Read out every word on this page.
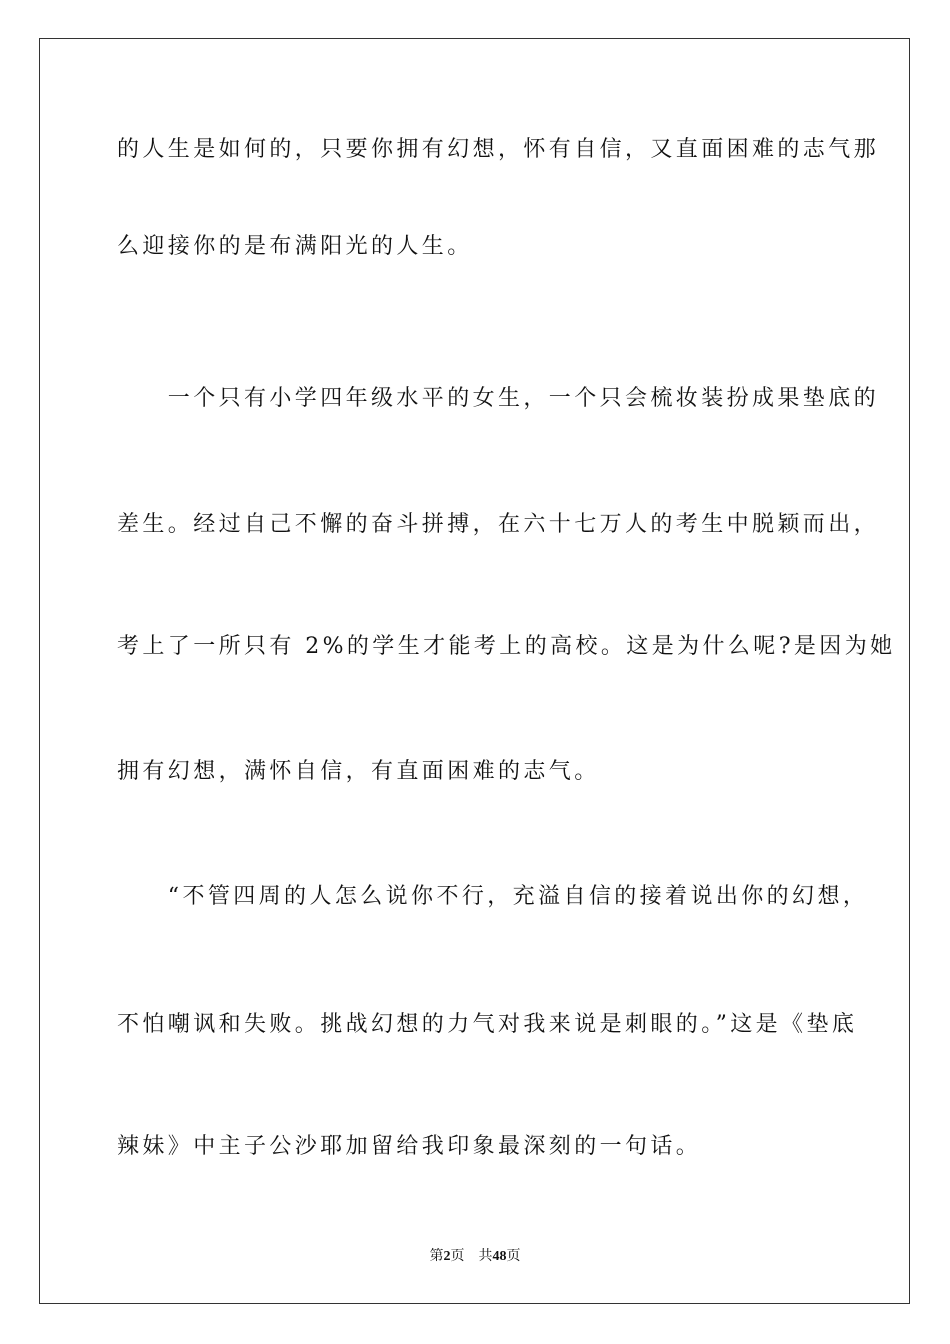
的人生是如何的，只要你拥有幻想，怀有自信，又直面困难的志气那
么迎接你的是布满阳光的人生。
　　一个只有小学四年级水平的女生，一个只会梳妆装扮成果垫底的
差生。经过自己不懈的奋斗拼搏，在六十七万人的考生中脱颖而出，
考上了一所只有 2%的学生才能考上的高校。这是为什么呢?是因为她
拥有幻想，满怀自信，有直面困难的志气。
　　“不管四周的人怎么说你不行，充溢自信的接着说出你的幻想，
不怕嘲讽和失败。挑战幻想的力气对我来说是刺眼的。”这是《垫底
辣妹》中主子公沙耶加留给我印象最深刻的一句话。
第2页 共48页
